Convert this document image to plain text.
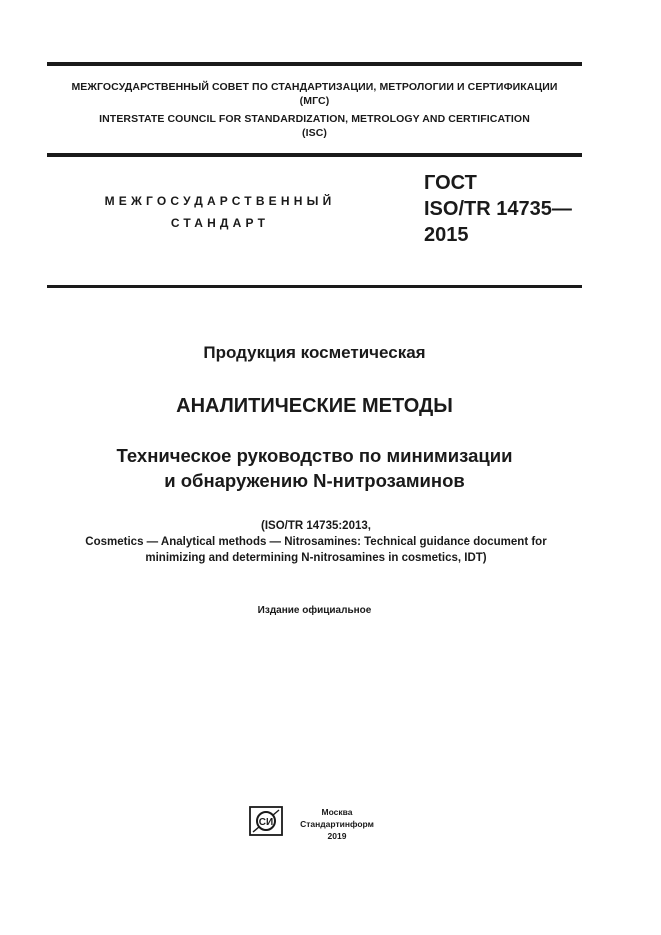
МЕЖГОСУДАРСТВЕННЫЙ СОВЕТ ПО СТАНДАРТИЗАЦИИ, МЕТРОЛОГИИ И СЕРТИФИКАЦИИ
(МГС)
INTERSTATE COUNCIL FOR STANDARDIZATION, METROLOGY AND CERTIFICATION
(ISC)
МЕЖГОСУДАРСТВЕННЫЙ
СТАНДАРТ
ГОСТ
ISO/TR 14735—
2015
Продукция косметическая
АНАЛИТИЧЕСКИЕ МЕТОДЫ
Техническое руководство по минимизации
и обнаружению N-нитрозаминов
(ISO/TR 14735:2013,
Cosmetics — Analytical methods — Nitrosamines: Technical guidance document for
minimizing and determining N-nitrosamines in cosmetics, IDT)
Издание официальное
СИ
Москва
Стандартинформ
2019
